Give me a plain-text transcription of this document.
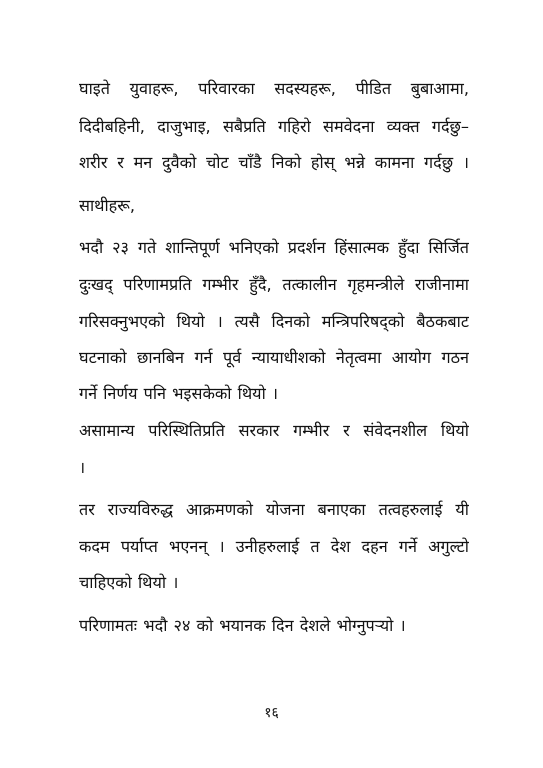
घाइते युवाहरू, परिवारका सदस्यहरू, पीडित बुबाआमा,
दिदीबहिनी, दाजुभाइ, सबैप्रति गहिरो समवेदना व्यक्त गर्दछु–
शरीर र मन दुवैको चोट चाँडै निको होस् भन्ने कामना गर्दछु ।
साथीहरू,
भदौ २३ गते शान्तिपूर्ण भनिएको प्रदर्शन हिंसात्मक हुँदा सिर्जित
दुःखद् परिणामप्रति गम्भीर हुँदै, तत्कालीन गृहमन्त्रीले राजीनामा
गरिसक्नुभएको थियो । त्यसै दिनको मन्त्रिपरिषद्को बैठकबाट
घटनाको छानबिन गर्न पूर्व न्यायाधीशको नेतृत्वमा आयोग गठन
गर्ने निर्णय पनि भइसकेको थियो ।
असामान्य परिस्थितिप्रति सरकार गम्भीर र संवेदनशील थियो
।
तर राज्यविरुद्ध आक्रमणको योजना बनाएका तत्वहरुलाई यी
कदम पर्याप्त भएनन् । उनीहरुलाई त देश दहन गर्ने अगुल्टो
चाहिएको थियो ।
परिणामतः भदौ २४ को भयानक दिन देशले भोग्नुपर्‍यो ।
१६
